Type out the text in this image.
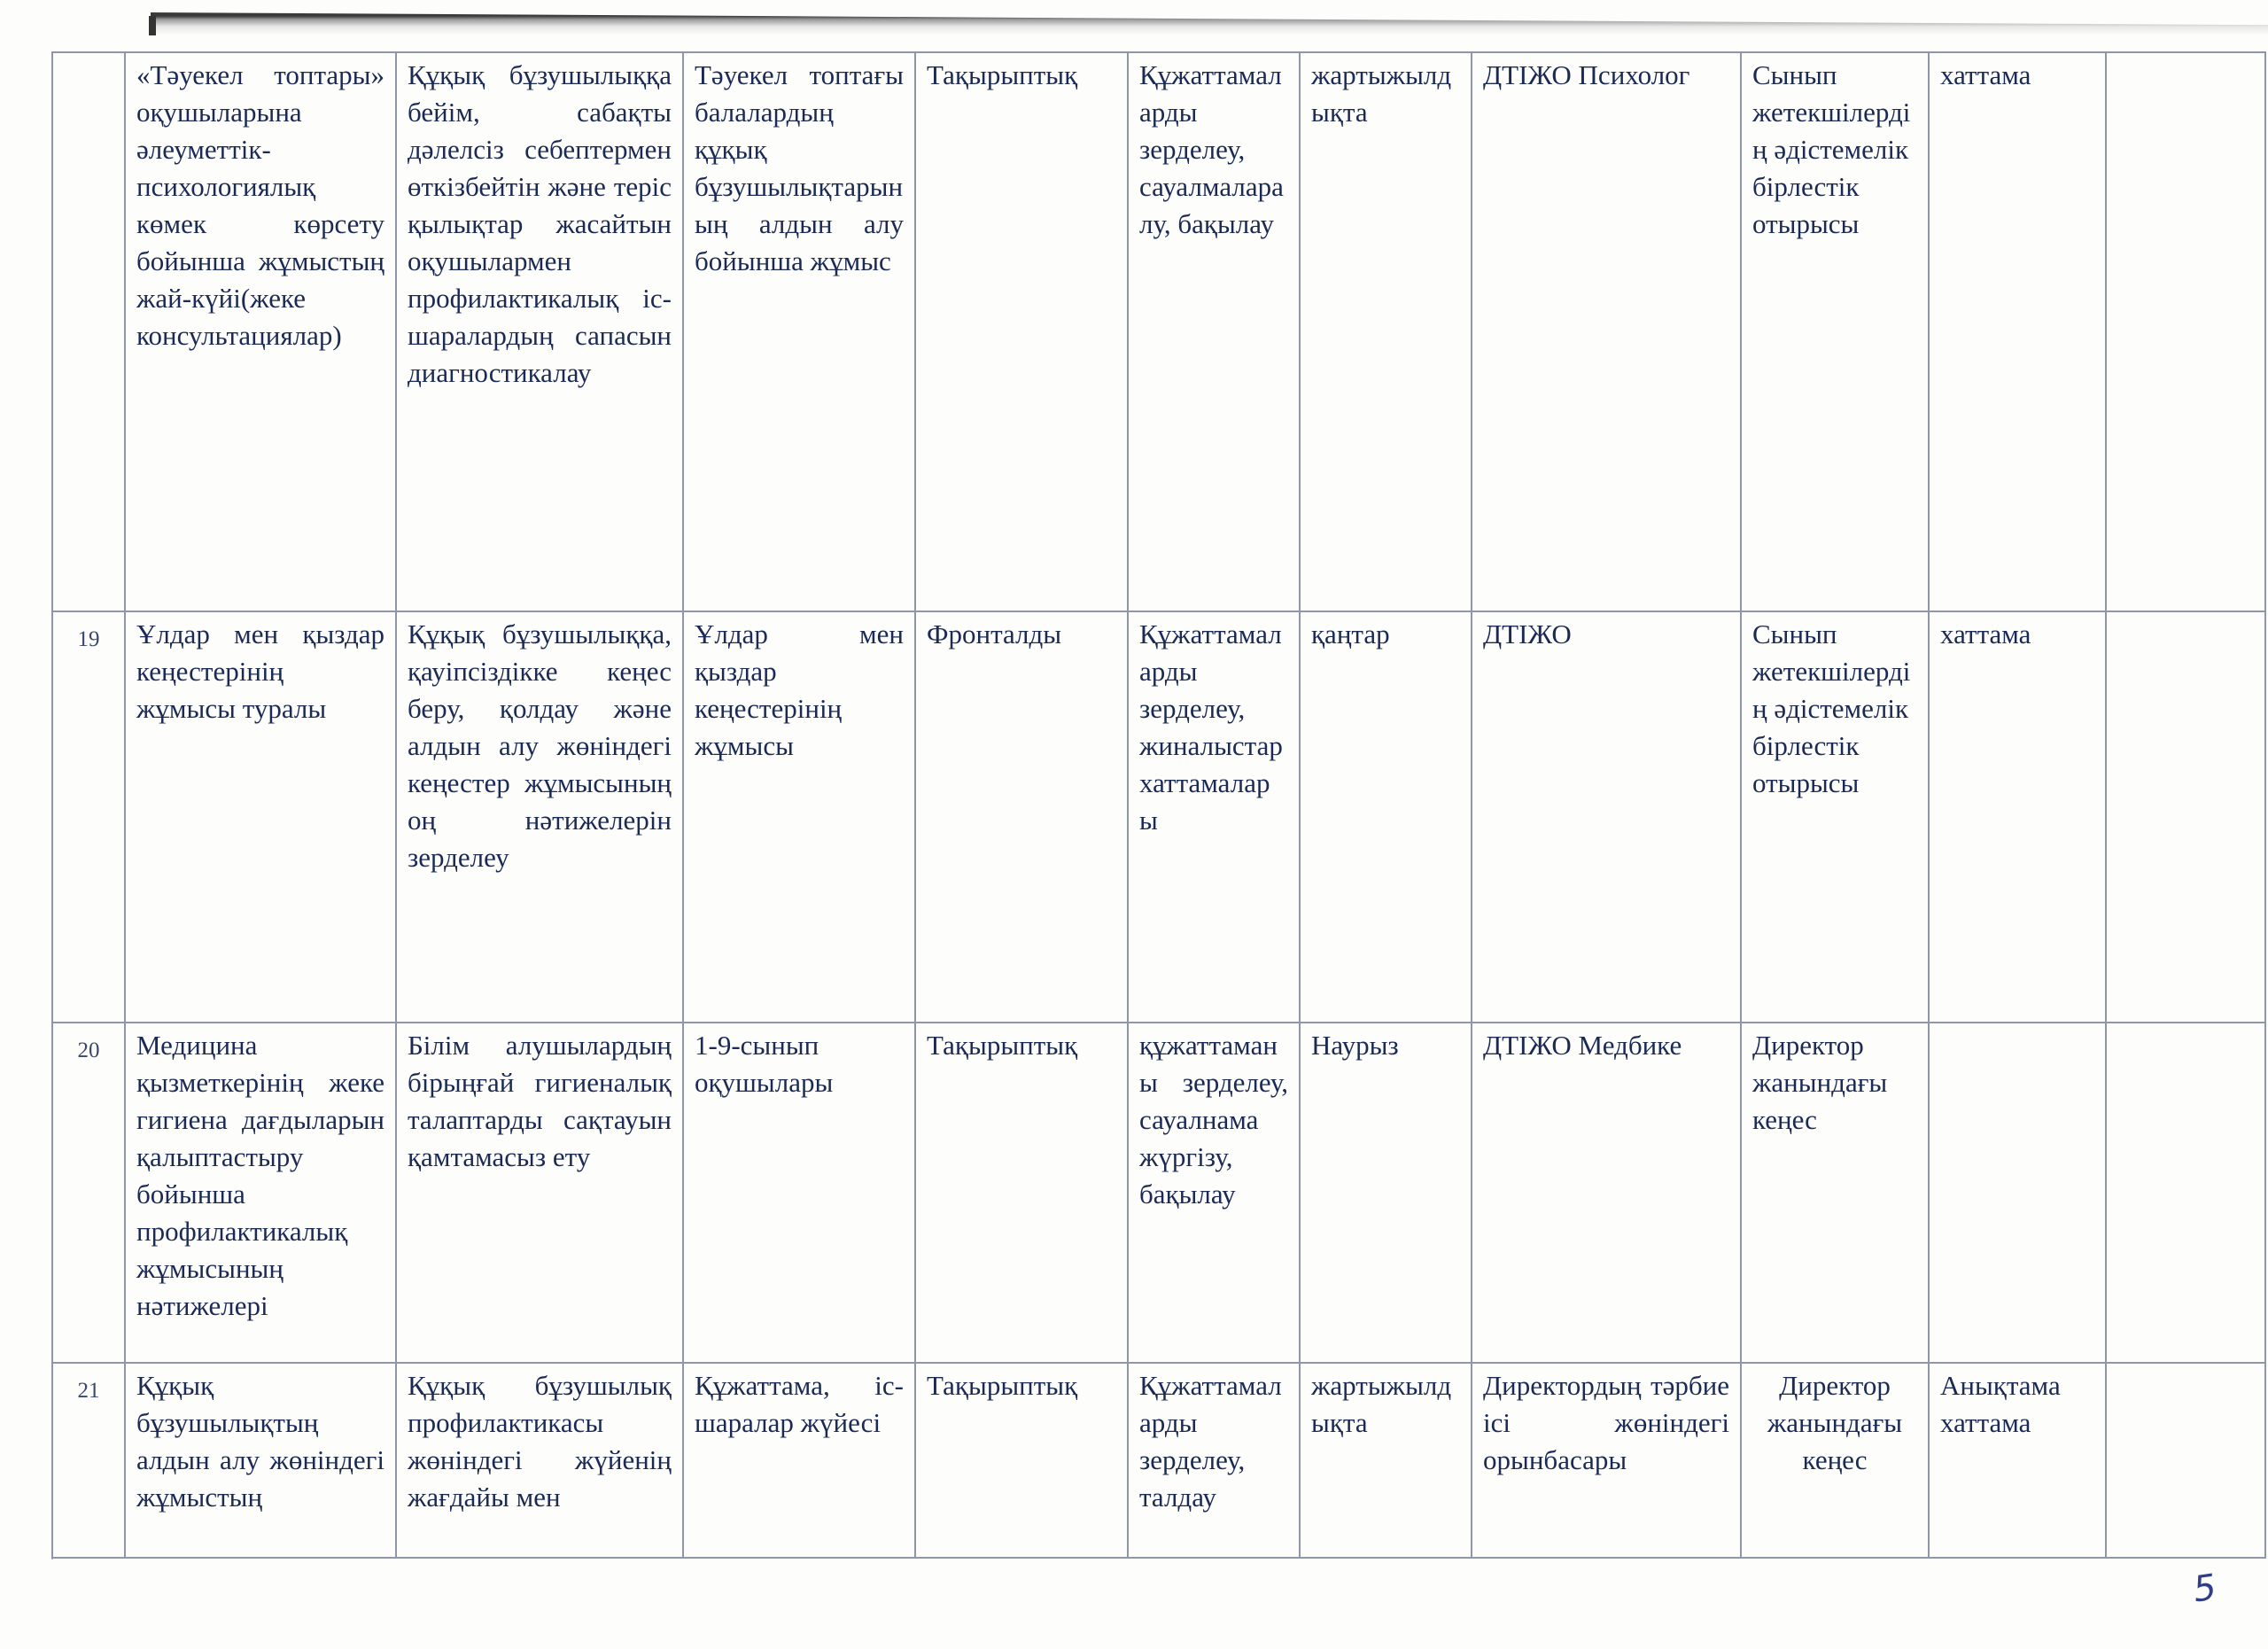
	«Тәуекел топтары» оқушыларына әлеуметтік-психологиялық көмек көрсету бойынша жұмыстың жай-күйі(жеке консультациялар)	Құқық бұзушылыққа бейім, сабақты дәлелсіз себептермен өткізбейтін және теріс қылықтар жасайтын оқушылармен профилактикалық іс-шаралардың сапасын диагностикалау	Тәуекел топтағы балалардың құқық бұзушылықтарының алдын алу бойынша жұмыс	Тақырыптық	Құжаттамаларды зерделеу, сауалмаларалу, бақылау	жартыжылдықта	ДТІЖО Психолог	Сынып жетекшілердің әдістемелік бірлестік отырысы	хаттама	
19	Ұлдар мен қыздар кеңестерінің жұмысы туралы	Құқық бұзушылыққа, қауіпсіздікке кеңес беру, қолдау және алдын алу жөніндегі кеңестер жұмысының оң нәтижелерін зерделеу	Ұлдар мен қыздар кеңестерінің жұмысы	Фронталды	Құжаттамаларды зерделеу, жиналыстар хаттамалары	қаңтар	ДТІЖО	Сынып жетекшілердің әдістемелік бірлестік отырысы	хаттама	
20	Медицина қызметкерінің жеке гигиена дағдыларын қалыптастыру бойынша профилактикалық жұмысының нәтижелері	Білім алушылардың бірыңғай гигиеналық талаптарды сақтауын қамтамасыз ету	1-9-сынып оқушылары	Тақырыптық	құжаттаманы зерделеу, сауалнама жүргізу, бақылау	Наурыз	ДТІЖО Медбике	Директор жанындағы кеңес		
21	Құқық бұзушылықтың алдын алу жөніндегі жұмыстың	Құқық бұзушылық профилактикасы жөніндегі жүйенің жағдайы мен	Құжаттама, іс-шаралар жүйесі	Тақырыптық	Құжаттамаларды зерделеу, талдау	жартыжылдықта	Директордың тәрбие ісі жөніндегі орынбасары	Директор жанындағы кеңес	Анықтама хаттама	
5
